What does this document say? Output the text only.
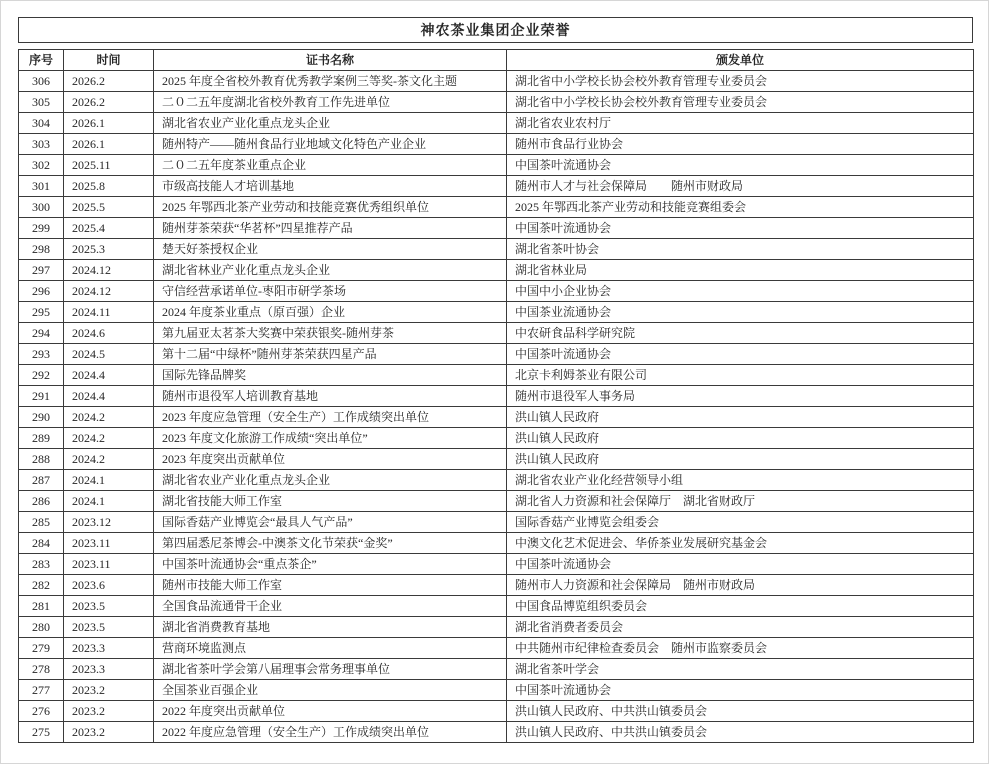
神农茶业集团企业荣誉
序号	时间	证书名称	颁发单位
306	2026.2	2025 年度全省校外教育优秀教学案例三等奖-茶文化主题	湖北省中小学校长协会校外教育管理专业委员会
305	2026.2	二０二五年度湖北省校外教育工作先进单位	湖北省中小学校长协会校外教育管理专业委员会
304	2026.1	湖北省农业产业化重点龙头企业	湖北省农业农村厅
303	2026.1	随州特产——随州食品行业地域文化特色产业企业	随州市食品行业协会
302	2025.11	二０二五年度茶业重点企业	中国茶叶流通协会
301	2025.8	市级高技能人才培训基地	随州市人才与社会保障局　　随州市财政局
300	2025.5	2025 年鄂西北茶产业劳动和技能竞赛优秀组织单位	2025 年鄂西北茶产业劳动和技能竞赛组委会
299	2025.4	随州芽茶荣获“华茗杯”四星推荐产品	中国茶叶流通协会
298	2025.3	楚天好茶授权企业	湖北省茶叶协会
297	2024.12	湖北省林业产业化重点龙头企业	湖北省林业局
296	2024.12	守信经营承诺单位-枣阳市研学茶场	中国中小企业协会
295	2024.11	2024 年度茶业重点（原百强）企业	中国茶业流通协会
294	2024.6	第九届亚太茗茶大奖赛中荣获银奖-随州芽茶	中农研食品科学研究院
293	2024.5	第十二届“中绿杯”随州芽茶荣获四星产品	中国茶叶流通协会
292	2024.4	国际先锋品牌奖	北京卡利姆茶业有限公司
291	2024.4	随州市退役军人培训教育基地	随州市退役军人事务局
290	2024.2	2023 年度应急管理（安全生产）工作成绩突出单位	洪山镇人民政府
289	2024.2	2023 年度文化旅游工作成绩“突出单位”	洪山镇人民政府
288	2024.2	2023 年度突出贡献单位	洪山镇人民政府
287	2024.1	湖北省农业产业化重点龙头企业	湖北省农业产业化经营领导小组
286	2024.1	湖北省技能大师工作室	湖北省人力资源和社会保障厅　湖北省财政厅
285	2023.12	国际香菇产业博览会“最具人气产品”	国际香菇产业博览会组委会
284	2023.11	第四届悉尼茶博会-中澳茶文化节荣获“金奖”	中澳文化艺术促进会、华侨茶业发展研究基金会
283	2023.11	中国茶叶流通协会“重点茶企”	中国茶叶流通协会
282	2023.6	随州市技能大师工作室	随州市人力资源和社会保障局　随州市财政局
281	2023.5	全国食品流通骨干企业	中国食品博览组织委员会
280	2023.5	湖北省消费教育基地	湖北省消费者委员会
279	2023.3	营商环境监测点	中共随州市纪律检查委员会　随州市监察委员会
278	2023.3	湖北省茶叶学会第八届理事会常务理事单位	湖北省茶叶学会
277	2023.2	全国茶业百强企业	中国茶叶流通协会
276	2023.2	2022 年度突出贡献单位	洪山镇人民政府、中共洪山镇委员会
275	2023.2	2022 年度应急管理（安全生产）工作成绩突出单位	洪山镇人民政府、中共洪山镇委员会
